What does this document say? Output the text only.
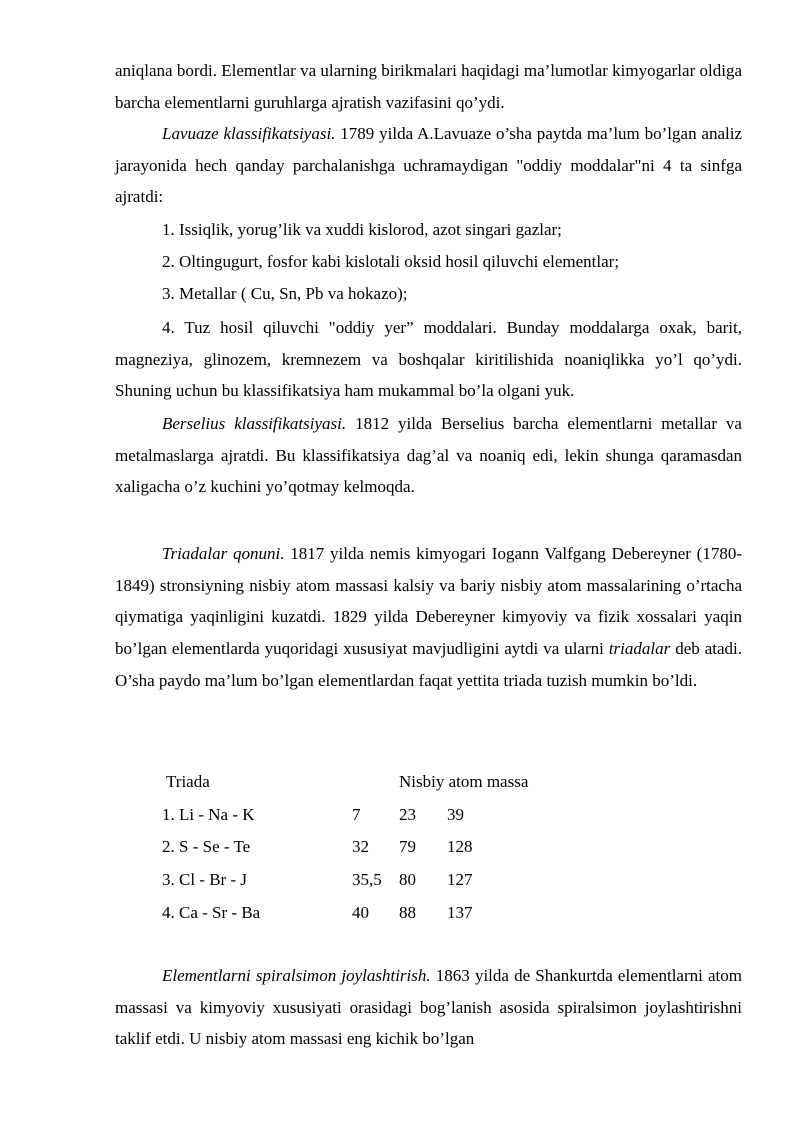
aniqlana bordi. Elementlar va ularning birikmalari haqidagi ma’lumotlar kimyogarlar oldiga barcha elementlarni guruhlarga ajratish vazifasini qo’ydi.

Lavuaze klassifikatsiyasi. 1789 yilda A.Lavuaze o’sha paytda ma’lum bo’lgan analiz jarayonida hech qanday parchalanishga uchramaydigan "oddiy moddalar"ni 4 ta sinfga ajratdi:

1. Issiqlik, yorug’lik va xuddi kislorod, azot singari gazlar;

2. Oltingugurt, fosfor kabi kislotali oksid hosil qiluvchi elementlar;

3. Metallar ( Cu, Sn, Pb va hokazo);

4. Tuz hosil qiluvchi "oddiy yer” moddalari. Bunday moddalarga oxak, barit, magneziya, glinozem, kremnezem va boshqalar kiritilishida noaniqlikka yo’l qo’ydi. Shuning uchun bu klassifikatsiya ham mukammal bo’la olgani yuk.

Berselius klassifikatsiyasi. 1812 yilda Berselius barcha elementlarni metallar va metalmaslarga ajratdi. Bu klassifikatsiya dag’al va noaniq edi, lekin shunga qaramasdan xaligacha o’z kuchini yo’qotmay kelmoqda.

Triadalar qonuni. 1817 yilda nemis kimyogari Iogann Valfgang Debereyner (1780-1849) stronsiyning nisbiy atom massasi kalsiy va bariy nisbiy atom massalarining o’rtacha qiymatiga yaqinligini kuzatdi. 1829 yilda Debereyner kimyoviy va fizik xossalari yaqin bo’lgan elementlarda yuqoridagi xususiyat mavjudligini aytdi va ularni triadalar deb atadi. O’sha paydo ma’lum bo’lgan elementlardan faqat yettita triada tuzish mumkin bo’ldi.

Triada	Nisbiy atom massa
1. Li - Na - K	7 23 39
2. S - Se - Te	32 79 128
3. Cl - Br - J	35,5 80 127
4. Ca - Sr - Ba	40 88 137

Elementlarni spiralsimon joylashtirish. 1863 yilda de Shankurtda elementlarni atom massasi va kimyoviy xususiyati orasidagi bog’lanish asosida spiralsimon joylashtirishni taklif etdi. U nisbiy atom massasi eng kichik bo’lgan
